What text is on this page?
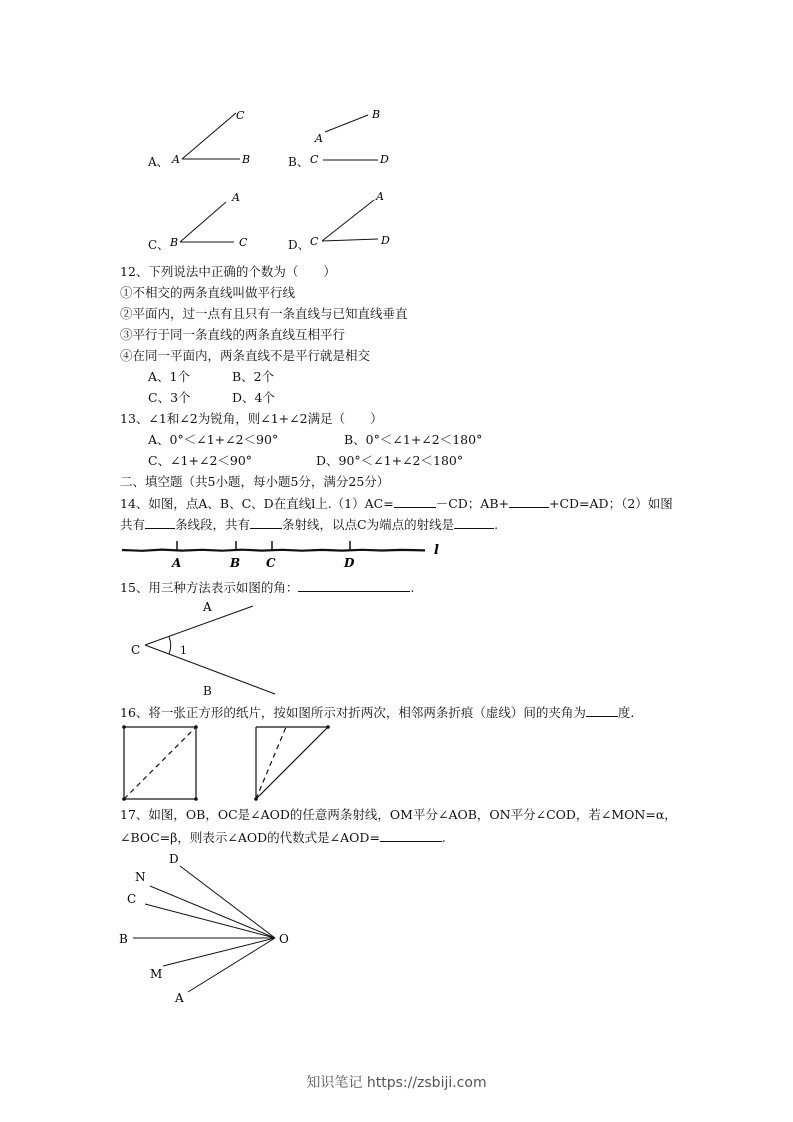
A、
C
A	B	B、
B
A
C	D
C、
A
B	C	D、
A
C	D
12、下列说法中正确的个数为（　　）
①不相交的两条直线叫做平行线
②平面内，过一点有且只有一条直线与已知直线垂直
③平行于同一条直线的两条直线互相平行
④在同一平面内，两条直线不是平行就是相交
A、1个	B、2个
C、3个	D、4个
13、∠1和∠2为锐角，则∠1+∠2满足（　　）
A、0°＜∠1+∠2＜90°	B、0°＜∠1+∠2＜180°
C、∠1+∠2＜90°	D、90°＜∠1+∠2＜180°
二、填空题（共5小题，每小题5分，满分25分）
14、如图，点A、B、C、D在直线l上.（1）AC=	－CD；AB+	+CD=AD；（2）如图
共有 条线段，共有	条射线，以点C为端点的射线是	.
A	B C	D
l
15、用三种方法表示如图的角：	.
A
C	1
B
16、将一张正方形的纸片，按如图所示对折两次，相邻两条折痕（虚线）间的夹角为	度.
17、如图，OB，OC是∠AOD的任意两条射线，OM平分∠AOB，ON平分∠COD，若∠MON=α，
∠BOC=β，则表示∠AOD的代数式是∠AOD=	.
D
N
C
B
M
A
O
知识笔记 https://zsbiji.com
